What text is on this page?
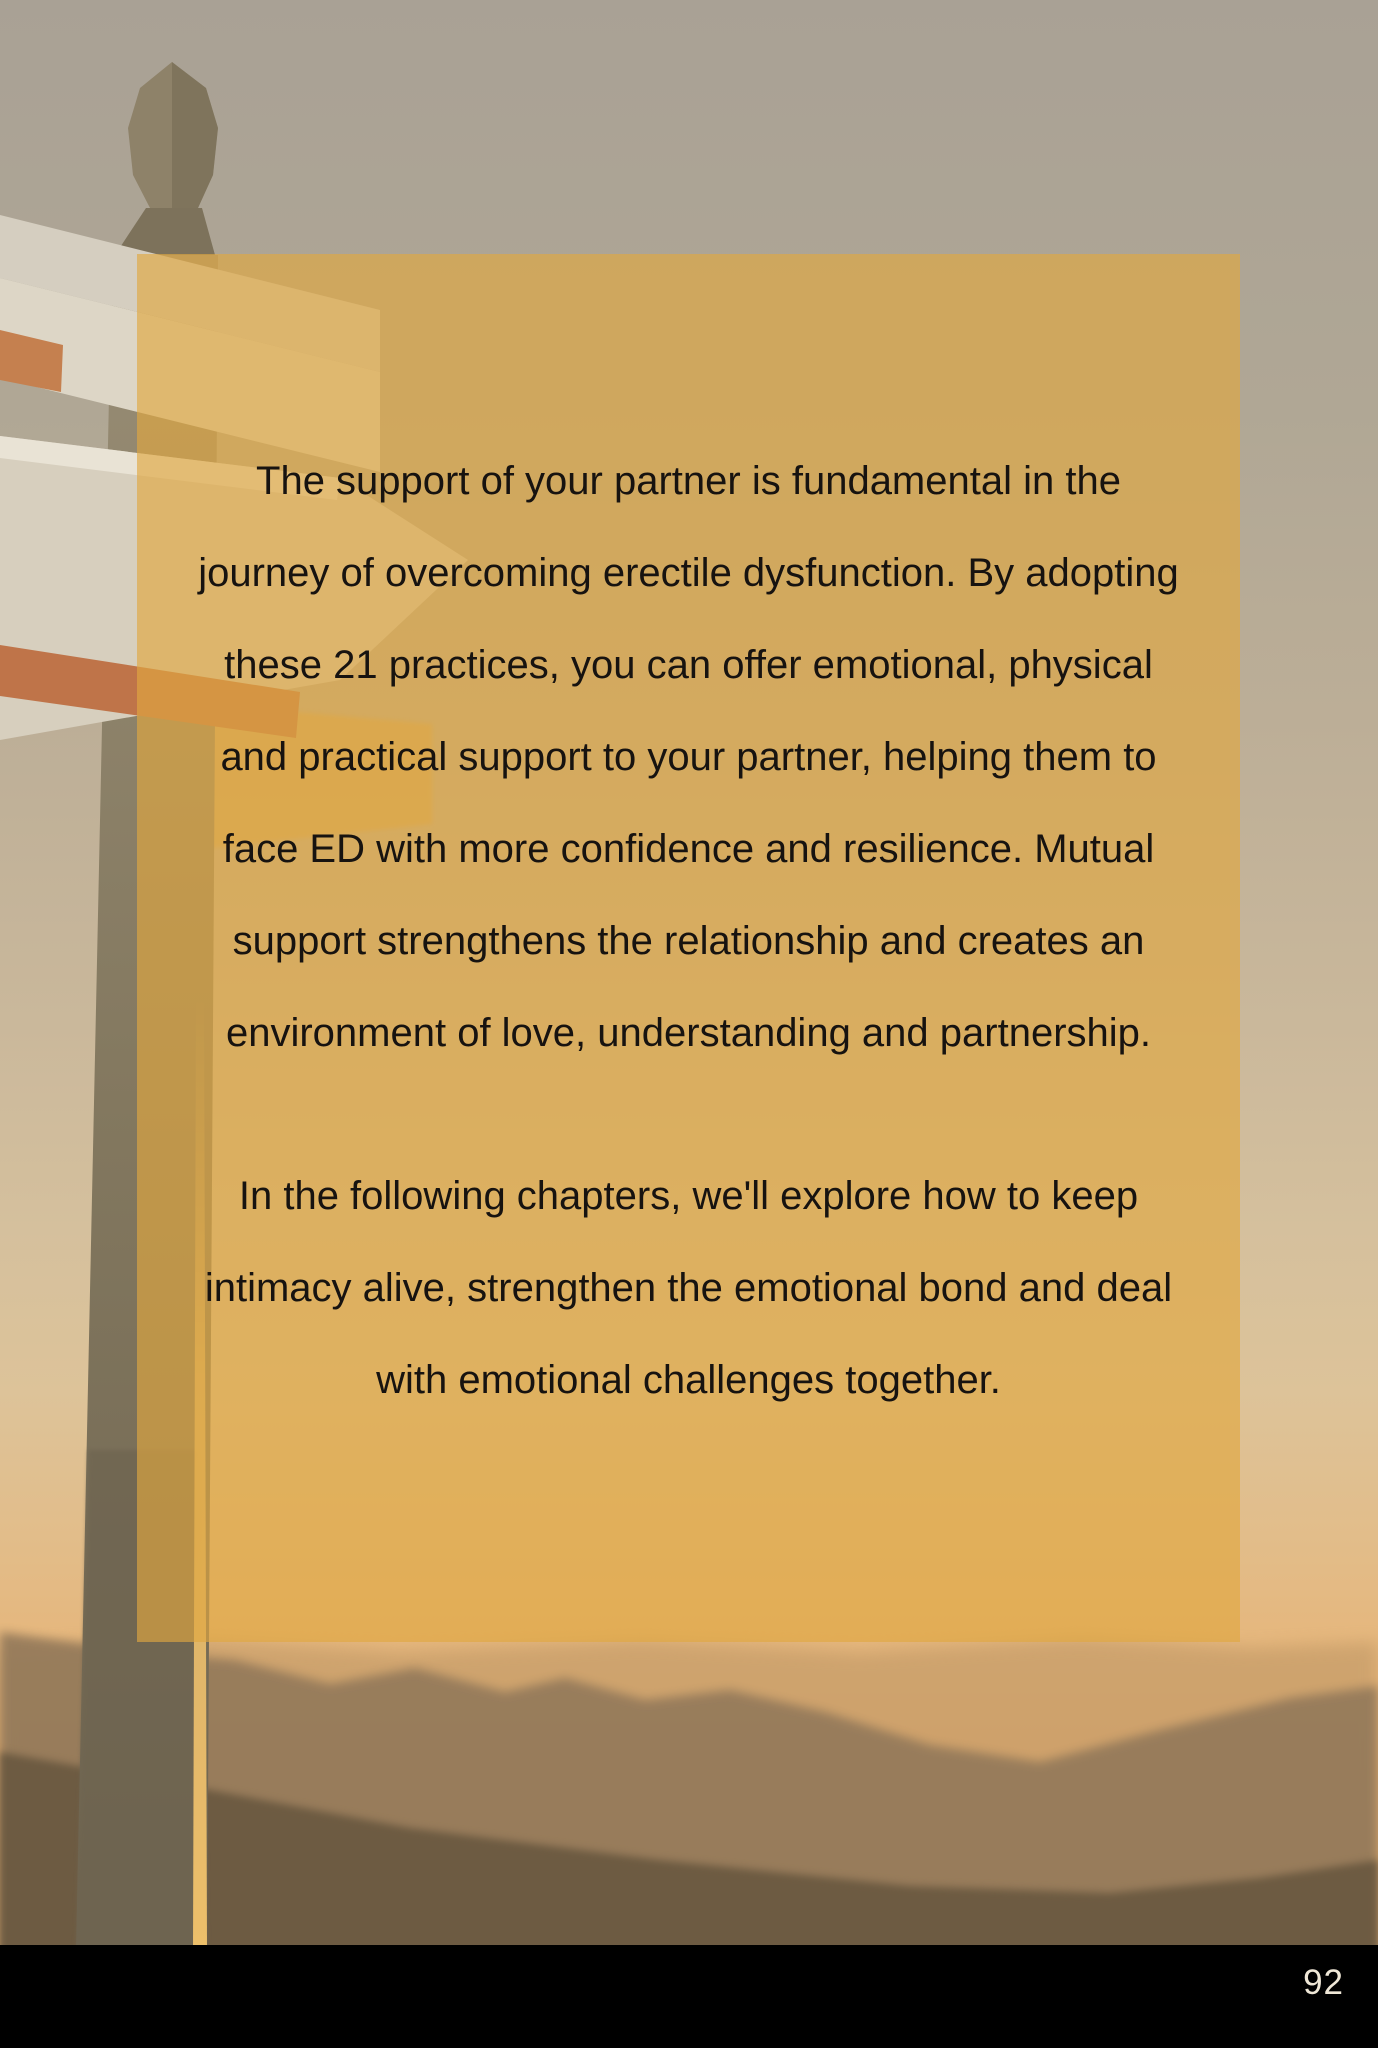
The support of your partner is fundamental in the
journey of overcoming erectile dysfunction. By adopting
these 21 practices, you can offer emotional, physical
and practical support to your partner, helping them to
face ED with more confidence and resilience. Mutual
support strengthens the relationship and creates an
environment of love, understanding and partnership.

In the following chapters, we'll explore how to keep
intimacy alive, strengthen the emotional bond and deal
with emotional challenges together.

92
